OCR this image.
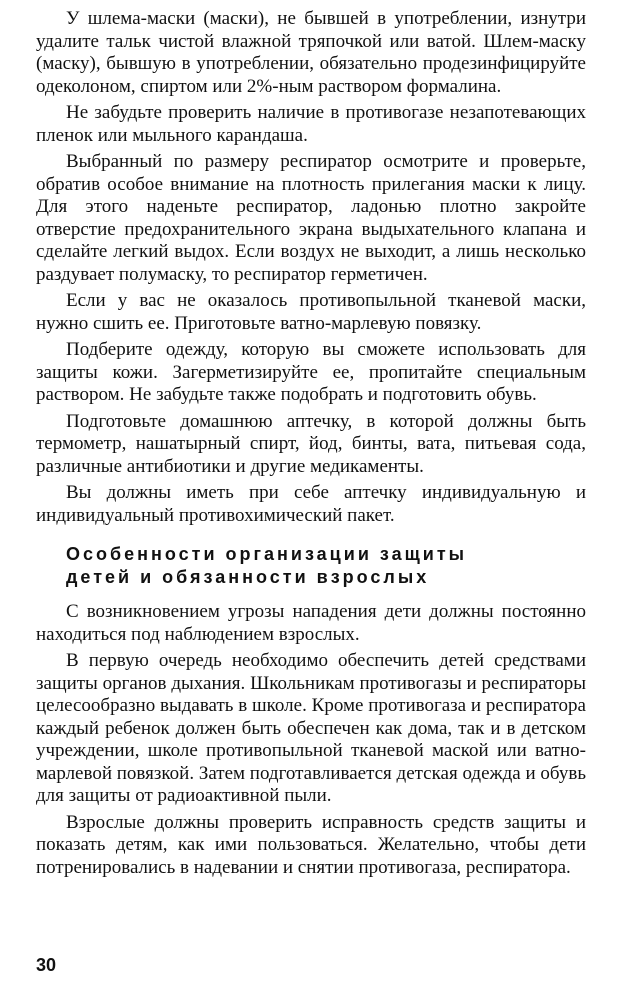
У шлема-маски (маски), не бывшей в употреблении, изнутри удалите тальк чистой влажной тряпочкой или ватой. Шлем-маску (маску), бывшую в употреблении, обязательно продезинфицируйте одеколоном, спиртом или 2%-ным раствором формалина.

Не забудьте проверить наличие в противогазе незапотевающих пленок или мыльного карандаша.

Выбранный по размеру респиратор осмотрите и проверьте, обратив особое внимание на плотность прилегания маски к лицу. Для этого наденьте респиратор, ладонью плотно закройте отверстие предохранительного экрана выдыхательного клапана и сделайте легкий выдох. Если воздух не выходит, а лишь несколько раздувает полумаску, то респиратор герметичен.

Если у вас не оказалось противопыльной тканевой маски, нужно сшить ее. Приготовьте ватно-марлевую повязку.

Подберите одежду, которую вы сможете использовать для защиты кожи. Загерметизируйте ее, пропитайте специальным раствором. Не забудьте также подобрать и подготовить обувь.

Подготовьте домашнюю аптечку, в которой должны быть термометр, нашатырный спирт, йод, бинты, вата, питьевая сода, различные антибиотики и другие медикаменты.

Вы должны иметь при себе аптечку индивидуальную и индивидуальный противохимический пакет.

Особенности организации защиты
детей и обязанности взрослых

С возникновением угрозы нападения дети должны постоянно находиться под наблюдением взрослых.

В первую очередь необходимо обеспечить детей средствами защиты органов дыхания. Школьникам противогазы и респираторы целесообразно выдавать в школе. Кроме противогаза и респиратора каждый ребенок должен быть обеспечен как дома, так и в детском учреждении, школе противопыльной тканевой маской или ватно-марлевой повязкой. Затем подготавливается детская одежда и обувь для защиты от радиоактивной пыли.

Взрослые должны проверить исправность средств защиты и показать детям, как ими пользоваться. Желательно, чтобы дети потренировались в надевании и снятии противогаза, респиратора.

30
